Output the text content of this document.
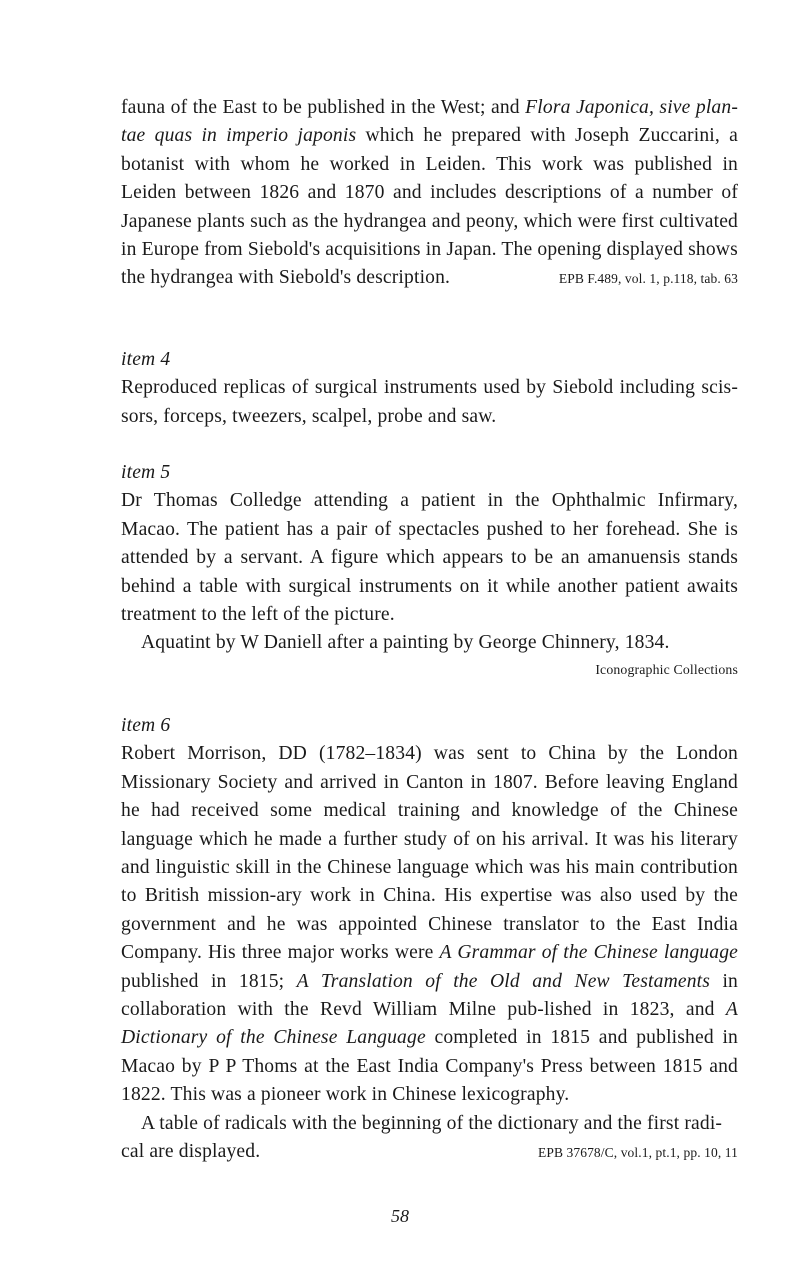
fauna of the East to be published in the West; and Flora Japonica, sive plan-tae quas in imperio japonis which he prepared with Joseph Zuccarini, a botanist with whom he worked in Leiden. This work was published in Leiden between 1826 and 1870 and includes descriptions of a number of Japanese plants such as the hydrangea and peony, which were first cultivated in Europe from Siebold's acquisitions in Japan. The opening displayed shows

the hydrangea with Siebold's description.	EPB F.489, vol. 1, p.118, tab. 63

item 4

Reproduced replicas of surgical instruments used by Siebold including scis-sors, forceps, tweezers, scalpel, probe and saw.

item 5

Dr Thomas Colledge attending a patient in the Ophthalmic Infirmary, Macao. The patient has a pair of spectacles pushed to her forehead. She is attended by a servant. A figure which appears to be an amanuensis stands behind a table with surgical instruments on it while another patient awaits treatment to the left of the picture.

Aquatint by W Daniell after a painting by George Chinnery, 1834.

Iconographic Collections

item 6

Robert Morrison, DD (1782–1834) was sent to China by the London Missionary Society and arrived in Canton in 1807. Before leaving England he had received some medical training and knowledge of the Chinese language which he made a further study of on his arrival. It was his literary and linguistic skill in the Chinese language which was his main contribution to British mission-ary work in China. His expertise was also used by the government and he was appointed Chinese translator to the East India Company. His three major works were A Grammar of the Chinese language published in 1815; A Translation of the Old and New Testaments in collaboration with the Revd William Milne pub-lished in 1823, and A Dictionary of the Chinese Language completed in 1815 and published in Macao by P P Thoms at the East India Company's Press between 1815 and 1822. This was a pioneer work in Chinese lexicography.

A table of radicals with the beginning of the dictionary and the first radi-

cal are displayed.	EPB 37678/C, vol.1, pt.1, pp. 10, 11

58
